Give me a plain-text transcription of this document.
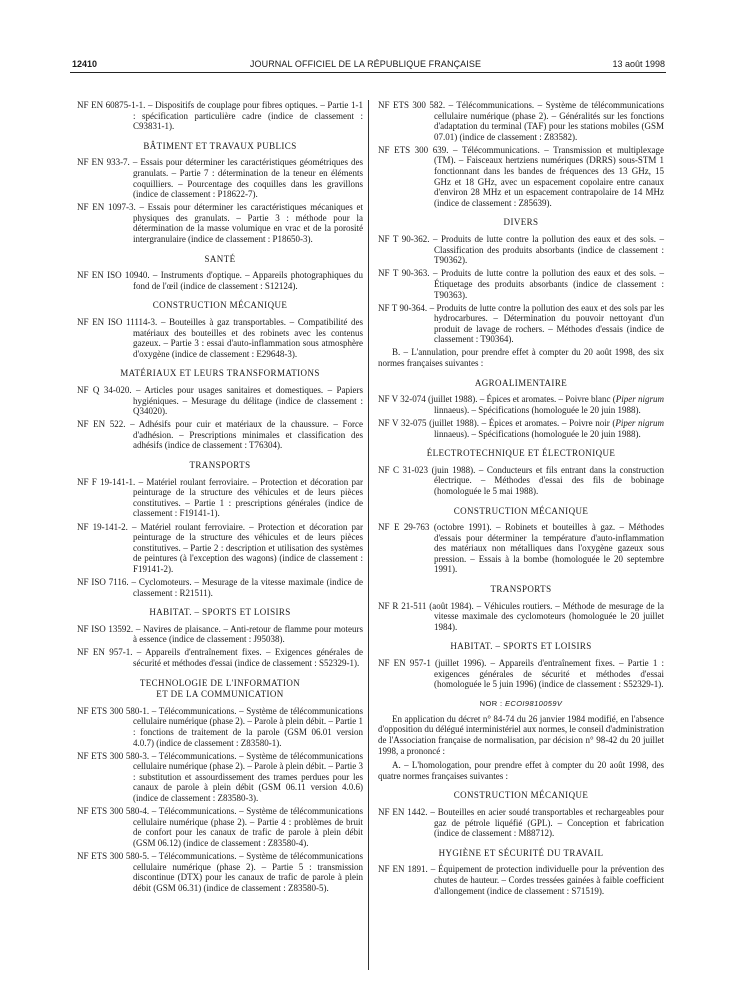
12410	JOURNAL OFFICIEL DE LA RÉPUBLIQUE FRANÇAISE	13 août 1998
NF EN 60875-1-1. – Dispositifs de couplage pour fibres optiques. – Partie 1-1 : spécification particulière cadre (indice de classement : C93831-1).
BÂTIMENT ET TRAVAUX PUBLICS
NF EN 933-7. – Essais pour déterminer les caractéristiques géométriques des granulats. – Partie 7 : détermination de la teneur en éléments coquilliers. – Pourcentage des coquilles dans les gravillons (indice de classement : P18622-7).
NF EN 1097-3. – Essais pour déterminer les caractéristiques mécaniques et physiques des granulats. – Partie 3 : méthode pour la détermination de la masse volumique en vrac et de la porosité intergranulaire (indice de classement : P18650-3).
SANTÉ
NF EN ISO 10940. – Instruments d'optique. – Appareils photographiques du fond de l'œil (indice de classement : S12124).
CONSTRUCTION MÉCANIQUE
NF EN ISO 11114-3. – Bouteilles à gaz transportables. – Compatibilité des matériaux des bouteilles et des robinets avec les contenus gazeux. – Partie 3 : essai d'auto-inflammation sous atmosphère d'oxygène (indice de classement : E29648-3).
MATÉRIAUX ET LEURS TRANSFORMATIONS
NF Q 34-020. – Articles pour usages sanitaires et domestiques. – Papiers hygiéniques. – Mesurage du délitage (indice de classement : Q34020).
NF EN 522. – Adhésifs pour cuir et matériaux de la chaussure. – Force d'adhésion. – Prescriptions minimales et classification des adhésifs (indice de classement : T76304).
TRANSPORTS
NF F 19-141-1. – Matériel roulant ferroviaire. – Protection et décoration par peinturage de la structure des véhicules et de leurs pièces constitutives. – Partie 1 : prescriptions générales (indice de classement : F19141-1).
NF 19-141-2. – Matériel roulant ferroviaire. – Protection et décoration par peinturage de la structure des véhicules et de leurs pièces constitutives. – Partie 2 : description et utilisation des systèmes de peintures (à l'exception des wagons) (indice de classement : F19141-2).
NF ISO 7116. – Cyclomoteurs. – Mesurage de la vitesse maximale (indice de classement : R21511).
HABITAT. – SPORTS ET LOISIRS
NF ISO 13592. – Navires de plaisance. – Anti-retour de flamme pour moteurs à essence (indice de classement : J95038).
NF EN 957-1. – Appareils d'entraînement fixes. – Exigences générales de sécurité et méthodes d'essai (indice de classement : S52329-1).
TECHNOLOGIE DE L'INFORMATION
ET DE LA COMMUNICATION
NF ETS 300 580-1. – Télécommunications. – Système de télécommunications cellulaire numérique (phase 2). – Parole à plein débit. – Partie 1 : fonctions de traitement de la parole (GSM 06.01 version 4.0.7) (indice de classement : Z83580-1).
NF ETS 300 580-3. – Télécommunications. – Système de télécommunications cellulaire numérique (phase 2). – Parole à plein débit. – Partie 3 : substitution et assourdissement des trames perdues pour les canaux de parole à plein débit (GSM 06.11 version 4.0.6) (indice de classement : Z83580-3).
NF ETS 300 580-4. – Télécommunications. – Système de télécommunications cellulaire numérique (phase 2). – Partie 4 : problèmes de bruit de confort pour les canaux de trafic de parole à plein débit (GSM 06.12) (indice de classement : Z83580-4).
NF ETS 300 580-5. – Télécommunications. – Système de télécommunications cellulaire numérique (phase 2). – Partie 5 : transmission discontinue (DTX) pour les canaux de trafic de parole à plein débit (GSM 06.31) (indice de classement : Z83580-5).
NF ETS 300 582. – Télécommunications. – Système de télécommunications cellulaire numérique (phase 2). – Généralités sur les fonctions d'adaptation du terminal (TAF) pour les stations mobiles (GSM 07.01) (indice de classement : Z83582).
NF ETS 300 639. – Télécommunications. – Transmission et multiplexage (TM). – Faisceaux hertziens numériques (DRRS) sous-STM 1 fonctionnant dans les bandes de fréquences des 13 GHz, 15 GHz et 18 GHz, avec un espacement copolaire entre canaux d'environ 28 MHz et un espacement contrapolaire de 14 MHz (indice de classement : Z85639).
DIVERS
NF T 90-362. – Produits de lutte contre la pollution des eaux et des sols. – Classification des produits absorbants (indice de classement : T90362).
NF T 90-363. – Produits de lutte contre la pollution des eaux et des sols. – Étiquetage des produits absorbants (indice de classement : T90363).
NF T 90-364. – Produits de lutte contre la pollution des eaux et des sols par les hydrocarbures. – Détermination du pouvoir nettoyant d'un produit de lavage de rochers. – Méthodes d'essais (indice de classement : T90364).
B. – L'annulation, pour prendre effet à compter du 20 août 1998, des six normes françaises suivantes :
AGROALIMENTAIRE
NF V 32-074 (juillet 1988). – Épices et aromates. – Poivre blanc (Piper nigrum linnaeus). – Spécifications (homologuée le 20 juin 1988).
NF V 32-075 (juillet 1988). – Épices et aromates. – Poivre noir (Piper nigrum linnaeus). – Spécifications (homologuée le 20 juin 1988).
ÉLECTROTECHNIQUE ET ÉLECTRONIQUE
NF C 31-023 (juin 1988). – Conducteurs et fils entrant dans la construction électrique. – Méthodes d'essai des fils de bobinage (homologuée le 5 mai 1988).
CONSTRUCTION MÉCANIQUE
NF E 29-763 (octobre 1991). – Robinets et bouteilles à gaz. – Méthodes d'essais pour déterminer la température d'auto-inflammation des matériaux non métalliques dans l'oxygène gazeux sous pression. – Essais à la bombe (homologuée le 20 septembre 1991).
TRANSPORTS
NF R 21-511 (août 1984). – Véhicules routiers. – Méthode de mesurage de la vitesse maximale des cyclomoteurs (homologuée le 20 juillet 1984).
HABITAT. – SPORTS ET LOISIRS
NF EN 957-1 (juillet 1996). – Appareils d'entraînement fixes. – Partie 1 : exigences générales de sécurité et méthodes d'essai (homologuée le 5 juin 1996) (indice de classement : S52329-1).
NOR : ECOI9810059V
En application du décret n° 84-74 du 26 janvier 1984 modifié, en l'absence d'opposition du délégué interministériel aux normes, le conseil d'administration de l'Association française de normalisation, par décision n° 98-42 du 20 juillet 1998, a prononcé :
A. – L'homologation, pour prendre effet à compter du 20 août 1998, des quatre normes françaises suivantes :
CONSTRUCTION MÉCANIQUE
NF EN 1442. – Bouteilles en acier soudé transportables et rechargeables pour gaz de pétrole liquéfié (GPL). – Conception et fabrication (indice de classement : M88712).
HYGIÈNE ET SÉCURITÉ DU TRAVAIL
NF EN 1891. – Équipement de protection individuelle pour la prévention des chutes de hauteur. – Cordes tressées gainées à faible coefficient d'allongement (indice de classement : S71519).
